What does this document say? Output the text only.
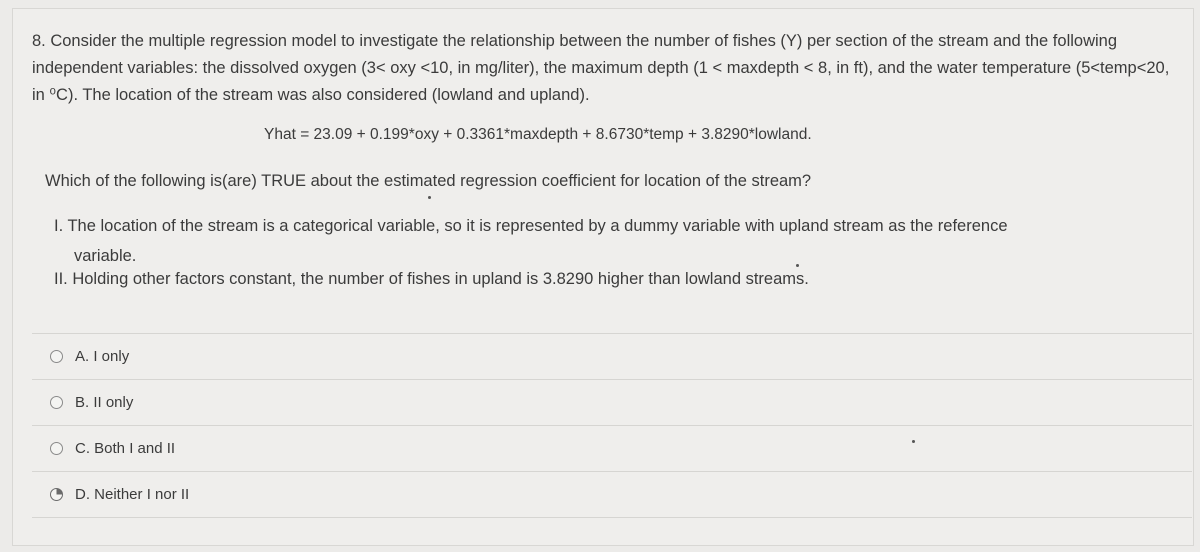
8. Consider the multiple regression model to investigate the relationship between the number of fishes (Y) per section of the stream and the following independent variables: the dissolved oxygen (3< oxy <10, in mg/liter), the maximum depth (1 < maxdepth < 8, in ft), and the water temperature (5<temp<20, in ⁰C). The location of the stream was also considered (lowland and upland).
Yhat = 23.09 + 0.199*oxy + 0.3361*maxdepth + 8.6730*temp + 3.8290*lowland.
Which of the following is(are) TRUE about the estimated regression coefficient for location of the stream?
I. The location of the stream is a categorical variable, so it is represented by a dummy variable with upland stream as the reference
variable.
II. Holding other factors constant, the number of fishes in upland is 3.8290 higher than lowland streams.
A. I only
B. II only
C. Both I and II
D. Neither I nor II
